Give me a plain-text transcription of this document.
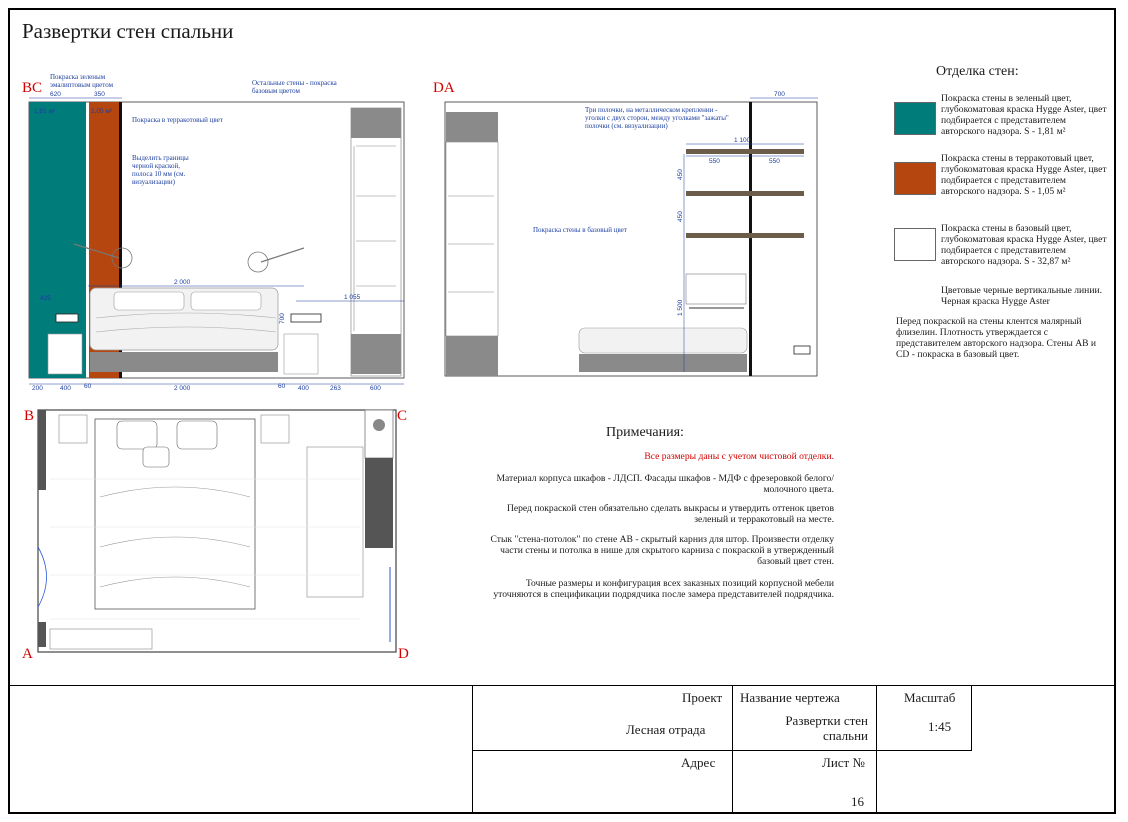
Развертки стен спальни
BC	DA
B	C
A	D
620	350
2 000
1 055
425
1,81 м²	1,05 м²
200	400 60	2 000	60 400	263	600
700
Покраска зеленым эмалиптовым цветом	Остальные стены - покраска базовым цветом
Покраска в терракотовый цвет
Выделить границы черной краской, полоса 10 мм (см. визуализации)
700
1 100
550	550
450
450
1 500
Три полочки, на металлическом креплении - уголки с двух сторон, между уголками "зажаты" полочки (см. визуализации)
Покраска стены в базовый цвет
Отделка стен:
Покраска стены в зеленый цвет, глубокоматовая краска Hygge Aster, цвет подбирается с представителем авторского надзора. S - 1,81 м²
Покраска стены в терракотовый цвет, глубокоматовая краска Hygge Aster, цвет подбирается с представителем авторского надзора. S - 1,05 м²
Покраска стены в базовый цвет, глубокоматовая краска Hygge Aster, цвет подбирается с представителем авторского надзора. S - 32,87 м²
Цветовые черные вертикальные линии. Черная краска Hygge Aster
Перед покраской на стены клентся малярный флизелин. Плотность утверждается с представителем авторского надзора. Стены AB и CD - покраска в базовый цвет.
Примечания:
Все размеры даны с учетом чистовой отделки.
Материал корпуса шкафов - ЛДСП. Фасады шкафов - МДФ с фрезеровкой белого/молочного цвета.
Перед покраской стен обязательно сделать выкрасы и утвердить оттенок цветов зеленый и терракотовый на месте.
Стык "стена-потолок" по стене AB - скрытый карниз для штор. Произвести отделку части стены и потолка в нише для скрытого карниза с покраской в утвержденный базовый цвет стен.
Точные размеры и конфигурация всех заказных позиций корпусной мебели уточняются в спецификации подрядчика после замера представителей подрядчика.
Проект
Лесная отрада
Название чертежа
Развертки стен спальни
Масштаб
1:45
Адрес	Лист №
16
